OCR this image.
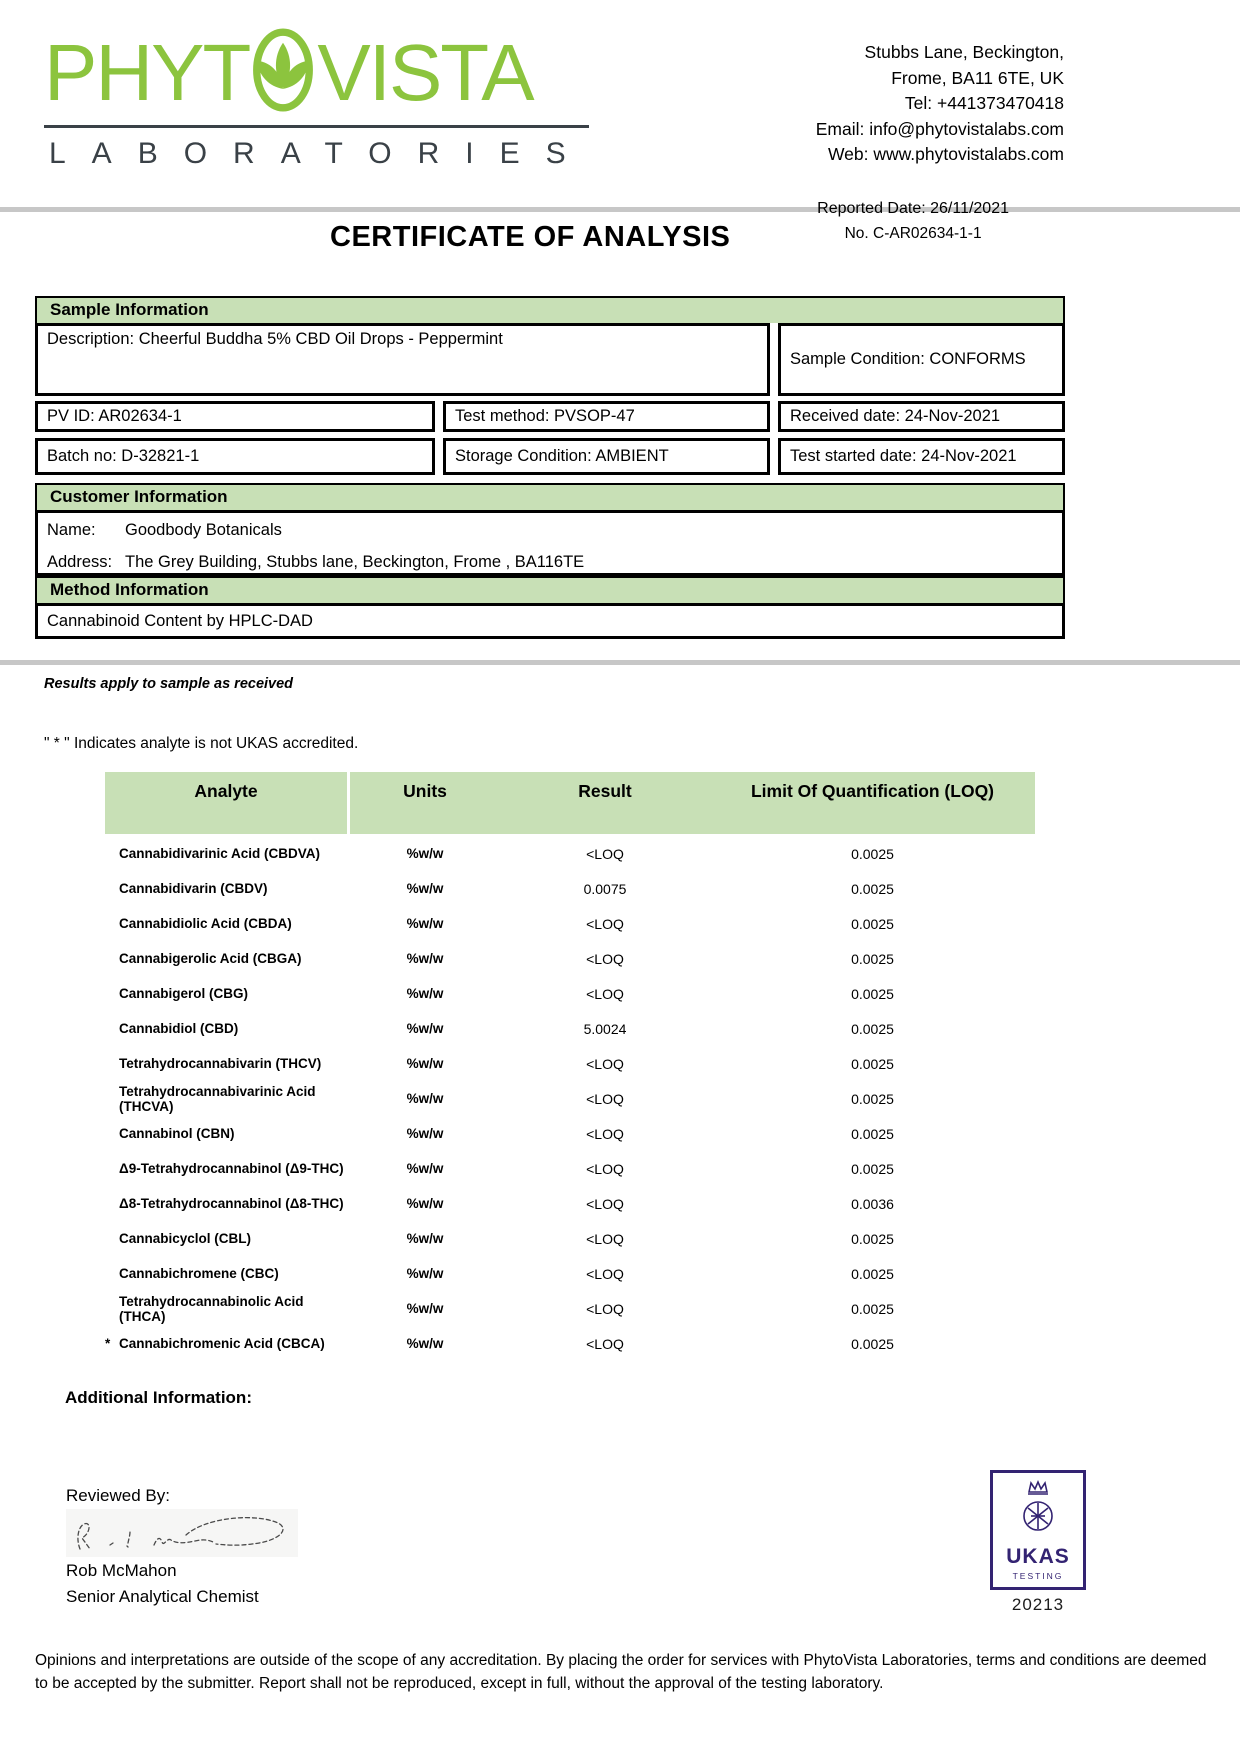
PHYT VISTA
LABORATORIES
Stubbs Lane, Beckington,
Frome, BA11 6TE, UK
Tel: +441373470418
Email: info@phytovistalabs.com
Web: www.phytovistalabs.com
CERTIFICATE OF ANALYSIS
Reported Date: 26/11/2021
No. C-AR02634-1-1
Sample Information
Description: Cheerful Buddha 5% CBD Oil Drops - Peppermint
Sample Condition: CONFORMS
PV ID: AR02634-1	Test method: PVSOP-47	Received date: 24-Nov-2021
Batch no: D-32821-1	Storage Condition: AMBIENT	Test started date: 24-Nov-2021
Customer Information
Name:	Goodbody Botanicals
Address: The Grey Building, Stubbs lane, Beckington, Frome , BA116TE
Method Information
Cannabinoid Content by HPLC-DAD
Results apply to sample as received
" * " Indicates analyte is not UKAS accredited.
Analyte	Units	Result	Limit Of Quantification (LOQ)
Cannabidivarinic Acid (CBDVA)	%w/w	<LOQ	0.0025
Cannabidivarin (CBDV)	%w/w	0.0075	0.0025
Cannabidiolic Acid (CBDA)	%w/w	<LOQ	0.0025
Cannabigerolic Acid (CBGA)	%w/w	<LOQ	0.0025
Cannabigerol (CBG)	%w/w	<LOQ	0.0025
Cannabidiol (CBD)	%w/w	5.0024	0.0025
Tetrahydrocannabivarin (THCV)	%w/w	<LOQ	0.0025
Tetrahydrocannabivarinic Acid (THCVA)	%w/w	<LOQ	0.0025
Cannabinol (CBN)	%w/w	<LOQ	0.0025
Δ9-Tetrahydrocannabinol (Δ9-THC)	%w/w	<LOQ	0.0025
Δ8-Tetrahydrocannabinol (Δ8-THC)	%w/w	<LOQ	0.0036
Cannabicyclol (CBL)	%w/w	<LOQ	0.0025
Cannabichromene (CBC)	%w/w	<LOQ	0.0025
Tetrahydrocannabinolic Acid (THCA)	%w/w	<LOQ	0.0025
* Cannabichromenic Acid (CBCA)	%w/w	<LOQ	0.0025
Additional Information:
Reviewed By:
Rob McMahon
Senior Analytical Chemist
UKAS
TESTING
20213
Opinions and interpretations are outside of the scope of any accreditation. By placing the order for services with PhytoVista Laboratories, terms and conditions are deemed to be accepted by the submitter. Report shall not be reproduced, except in full, without the approval of the testing laboratory.
